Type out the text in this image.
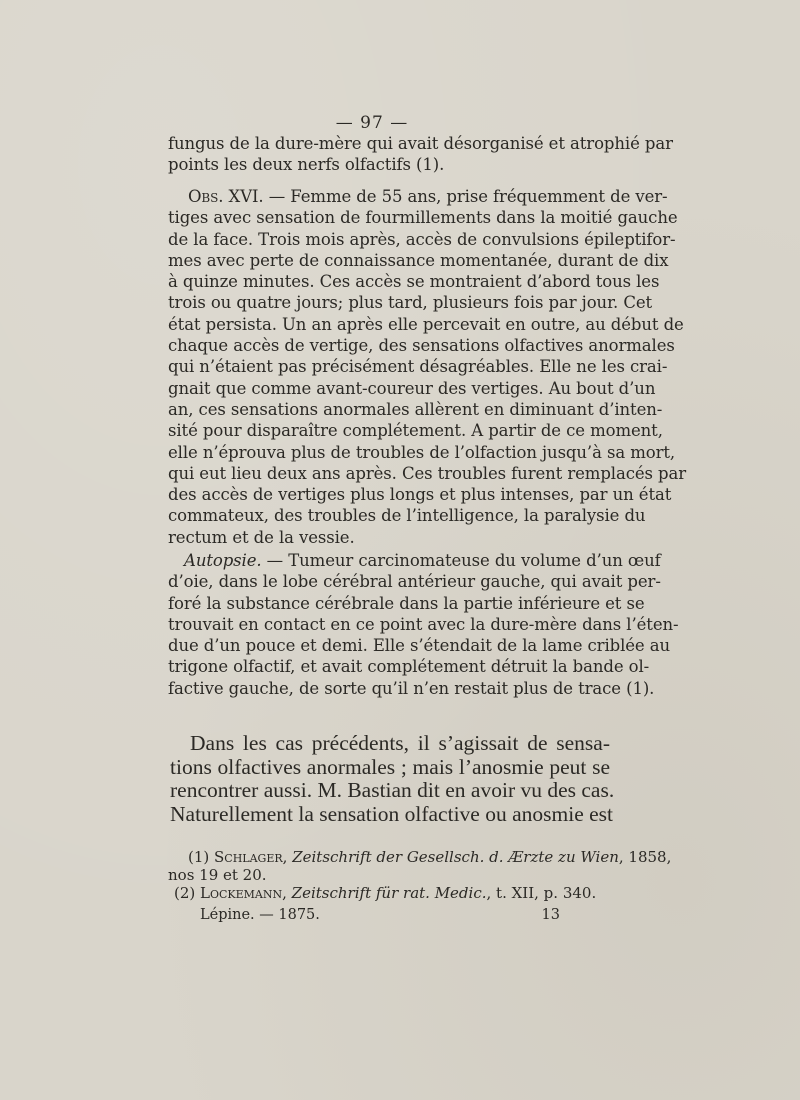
— 97 —
fungus de la dure-mère qui avait désorganisé et atrophié par
points les deux nerfs olfactifs (1).
Obs. XVI. — Femme de 55 ans, prise fréquemment de ver-
tiges avec sensation de fourmillements dans la moitié gauche
de la face. Trois mois après, accès de convulsions épileptifor-
mes avec perte de connaissance momentanée, durant de dix
à quinze minutes. Ces accès se montraient d’abord tous les
trois ou quatre jours; plus tard, plusieurs fois par jour. Cet
état persista. Un an après elle percevait en outre, au début de
chaque accès de vertige, des sensations olfactives anormales
qui n’étaient pas précisément désagréables. Elle ne les crai-
gnait que comme avant-coureur des vertiges. Au bout d’un
an, ces sensations anormales allèrent en diminuant d’inten-
sité pour disparaître complétement. A partir de ce moment,
elle n’éprouva plus de troubles de l’olfaction jusqu’à sa mort,
qui eut lieu deux ans après. Ces troubles furent remplacés par
des accès de vertiges plus longs et plus intenses, par un état
commateux, des troubles de l’intelligence, la paralysie du
rectum et de la vessie.
Autopsie. — Tumeur carcinomateuse du volume d’un œuf
d’oie, dans le lobe cérébral antérieur gauche, qui avait per-
foré la substance cérébrale dans la partie inférieure et se
trouvait en contact en ce point avec la dure-mère dans l’éten-
due d’un pouce et demi. Elle s’étendait de la lame criblée au
trigone olfactif, et avait complétement détruit la bande ol-
factive gauche, de sorte qu’il n’en restait plus de trace (1).
Dans les cas précédents, il s’agissait de sensa-
tions olfactives anormales ; mais l’anosmie peut se
rencontrer aussi. M. Bastian dit en avoir vu des cas.
Naturellement la sensation olfactive ou anosmie est
(1) Schlager, Zeitschrift der Gesellsch. d. Ærzte zu Wien, 1858,
nos 19 et 20.
(2) Lockemann, Zeitschrift für rat. Medic., t. XII, p. 340.
Lépine. — 1875.	13
